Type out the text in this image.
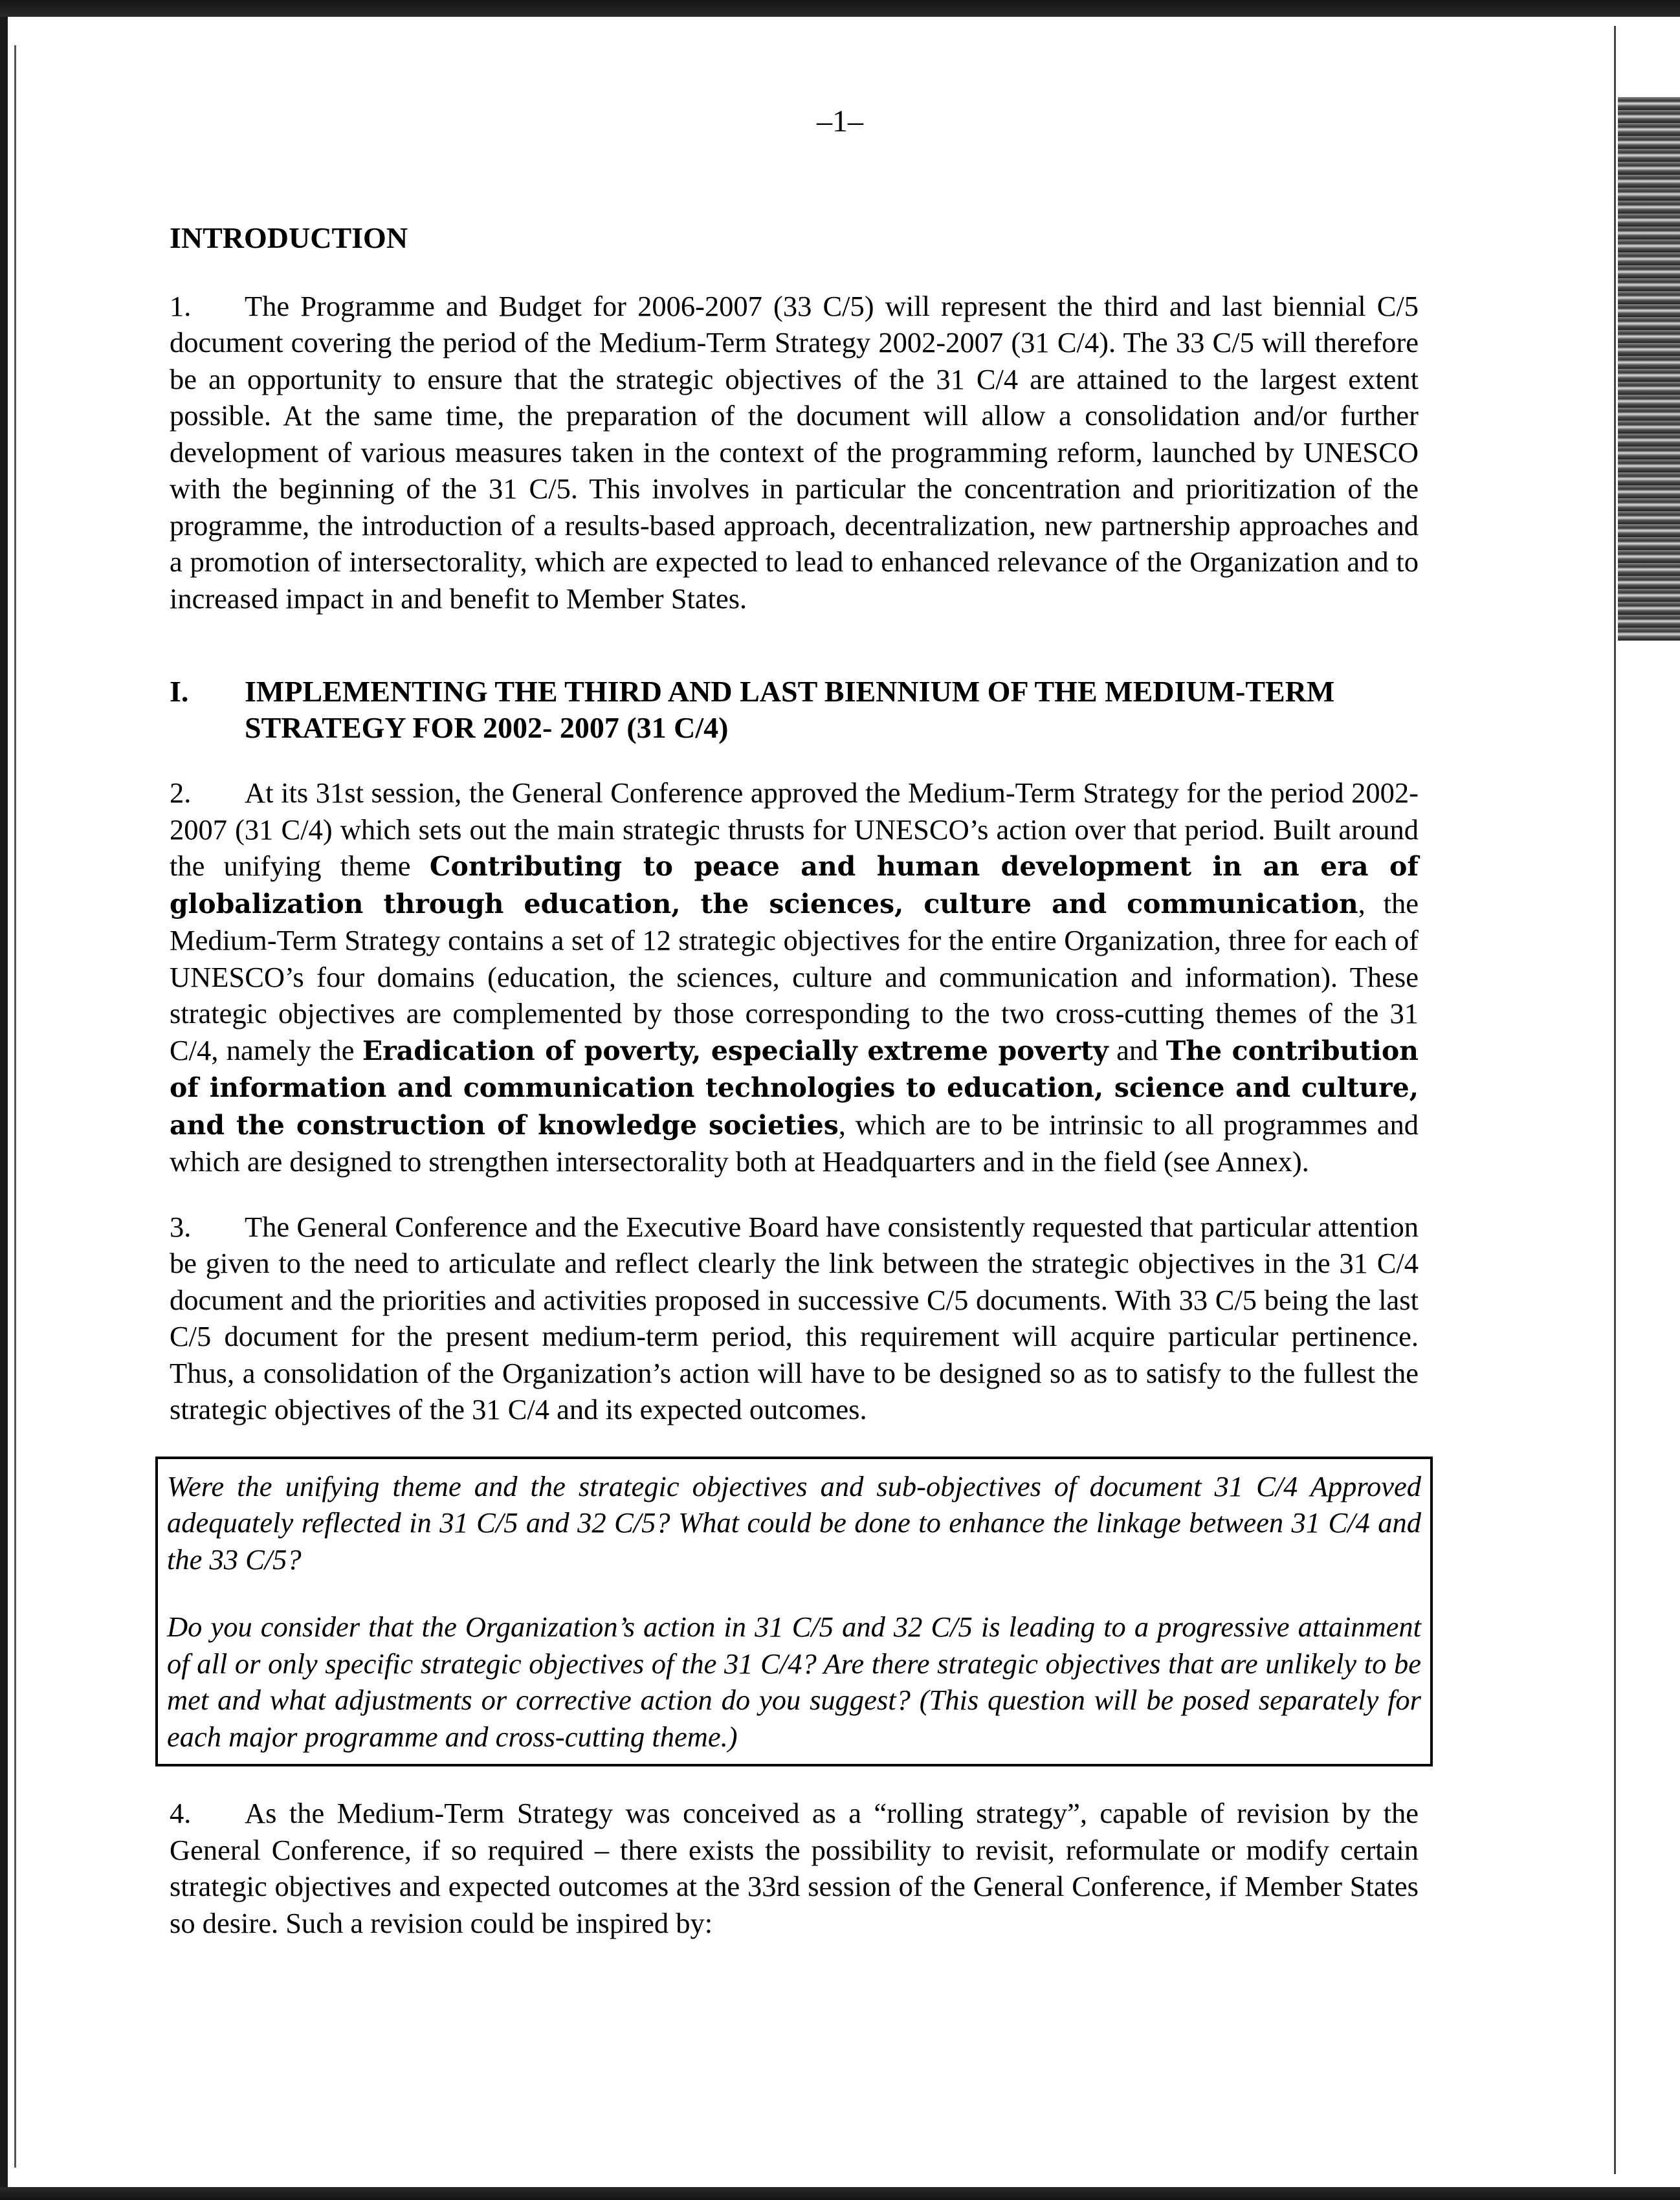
–1–
INTRODUCTION

1. The Programme and Budget for 2006-2007 (33 C/5) will represent the third and last biennial C/5 document covering the period of the Medium-Term Strategy 2002-2007 (31 C/4). The 33 C/5 will therefore be an opportunity to ensure that the strategic objectives of the 31 C/4 are attained to the largest extent possible. At the same time, the preparation of the document will allow a consolidation and/or further development of various measures taken in the context of the programming reform, launched by UNESCO with the beginning of the 31 C/5. This involves in particular the concentration and prioritization of the programme, the introduction of a results-based approach, decentralization, new partnership approaches and a promotion of intersectorality, which are expected to lead to enhanced relevance of the Organization and to increased impact in and benefit to Member States.

I.	IMPLEMENTING THE THIRD AND LAST BIENNIUM OF THE MEDIUM-TERM STRATEGY FOR 2002- 2007 (31 C/4)

2. At its 31st session, the General Conference approved the Medium-Term Strategy for the period 2002-2007 (31 C/4) which sets out the main strategic thrusts for UNESCO’s action over that period. Built around the unifying theme Contributing to peace and human development in an era of globalization through education, the sciences, culture and communication, the Medium-Term Strategy contains a set of 12 strategic objectives for the entire Organization, three for each of UNESCO’s four domains (education, the sciences, culture and communication and information). These strategic objectives are complemented by those corresponding to the two cross-cutting themes of the 31 C/4, namely the Eradication of poverty, especially extreme poverty and The contribution of information and communication technologies to education, science and culture, and the construction of knowledge societies, which are to be intrinsic to all programmes and which are designed to strengthen intersectorality both at Headquarters and in the field (see Annex).

3. The General Conference and the Executive Board have consistently requested that particular attention be given to the need to articulate and reflect clearly the link between the strategic objectives in the 31 C/4 document and the priorities and activities proposed in successive C/5 documents. With 33 C/5 being the last C/5 document for the present medium-term period, this requirement will acquire particular pertinence. Thus, a consolidation of the Organization’s action will have to be designed so as to satisfy to the fullest the strategic objectives of the 31 C/4 and its expected outcomes.

Were the unifying theme and the strategic objectives and sub-objectives of document 31 C/4 Approved adequately reflected in 31 C/5 and 32 C/5? What could be done to enhance the linkage between 31 C/4 and the 33 C/5?

Do you consider that the Organization’s action in 31 C/5 and 32 C/5 is leading to a progressive attainment of all or only specific strategic objectives of the 31 C/4? Are there strategic objectives that are unlikely to be met and what adjustments or corrective action do you suggest? (This question will be posed separately for each major programme and cross-cutting theme.)

4. As the Medium-Term Strategy was conceived as a “rolling strategy”, capable of revision by the General Conference, if so required – there exists the possibility to revisit, reformulate or modify certain strategic objectives and expected outcomes at the 33rd session of the General Conference, if Member States so desire. Such a revision could be inspired by:
